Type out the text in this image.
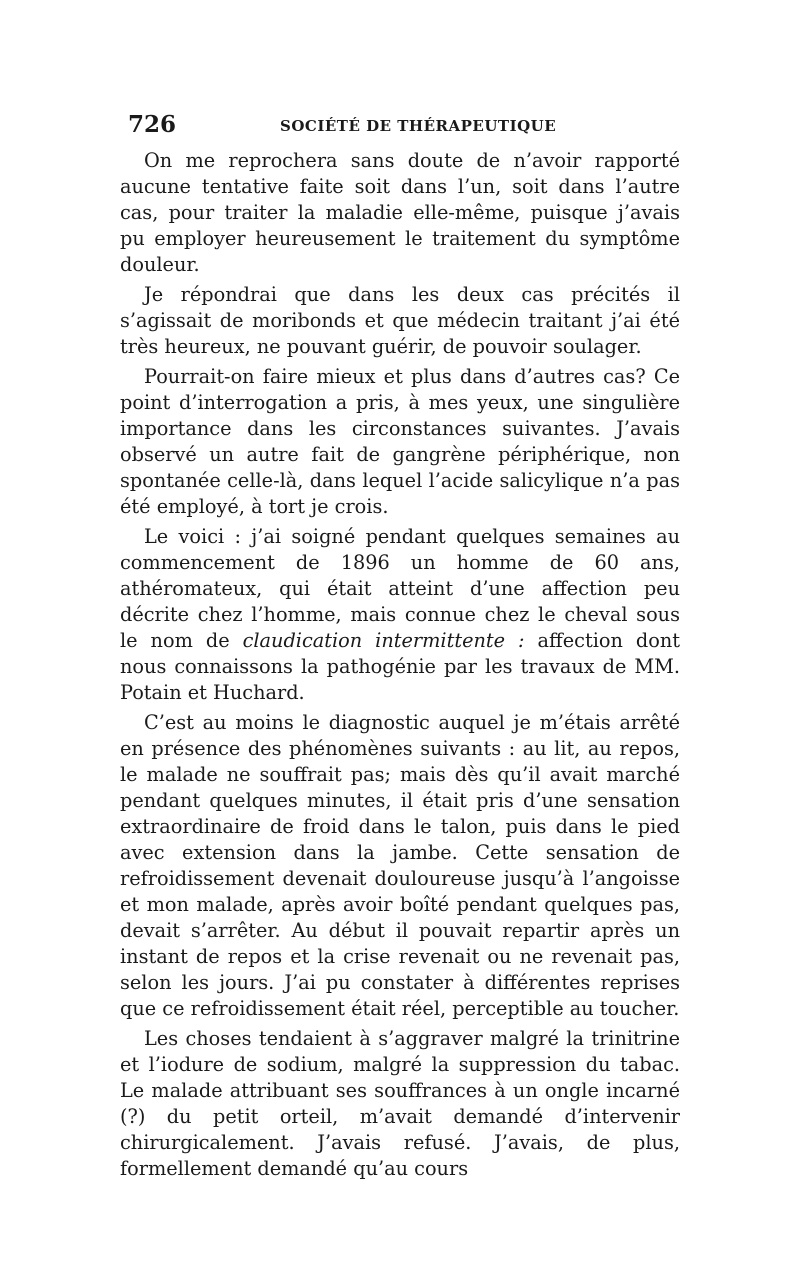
726	SOCIÉTÉ DE THÉRAPEUTIQUE

On me reprochera sans doute de n’avoir rapporté aucune tentative faite soit dans l’un, soit dans l’autre cas, pour traiter la maladie elle-même, puisque j’avais pu employer heureusement le traitement du symptôme douleur.

Je répondrai que dans les deux cas précités il s’agissait de moribonds et que médecin traitant j’ai été très heureux, ne pouvant guérir, de pouvoir soulager.

Pourrait-on faire mieux et plus dans d’autres cas? Ce point d’interrogation a pris, à mes yeux, une singulière importance dans les circonstances suivantes. J’avais observé un autre fait de gangrène périphérique, non spontanée celle-là, dans lequel l’acide salicylique n’a pas été employé, à tort je crois.

Le voici : j’ai soigné pendant quelques semaines au commencement de 1896 un homme de 60 ans, athéromateux, qui était atteint d’une affection peu décrite chez l’homme, mais connue chez le cheval sous le nom de claudication intermittente : affection dont nous connaissons la pathogénie par les travaux de MM. Potain et Huchard.

C’est au moins le diagnostic auquel je m’étais arrêté en présence des phénomènes suivants : au lit, au repos, le malade ne souffrait pas; mais dès qu’il avait marché pendant quelques minutes, il était pris d’une sensation extraordinaire de froid dans le talon, puis dans le pied avec extension dans la jambe. Cette sensation de refroidissement devenait douloureuse jusqu’à l’angoisse et mon malade, après avoir boîté pendant quelques pas, devait s’arrêter. Au début il pouvait repartir après un instant de repos et la crise revenait ou ne revenait pas, selon les jours. J’ai pu constater à différentes reprises que ce refroidissement était réel, perceptible au toucher.

Les choses tendaient à s’aggraver malgré la trinitrine et l’iodure de sodium, malgré la suppression du tabac. Le malade attribuant ses souffrances à un ongle incarné (?) du petit orteil, m’avait demandé d’intervenir chirurgicalement. J’avais refusé. J’avais, de plus, formellement demandé qu’au cours
